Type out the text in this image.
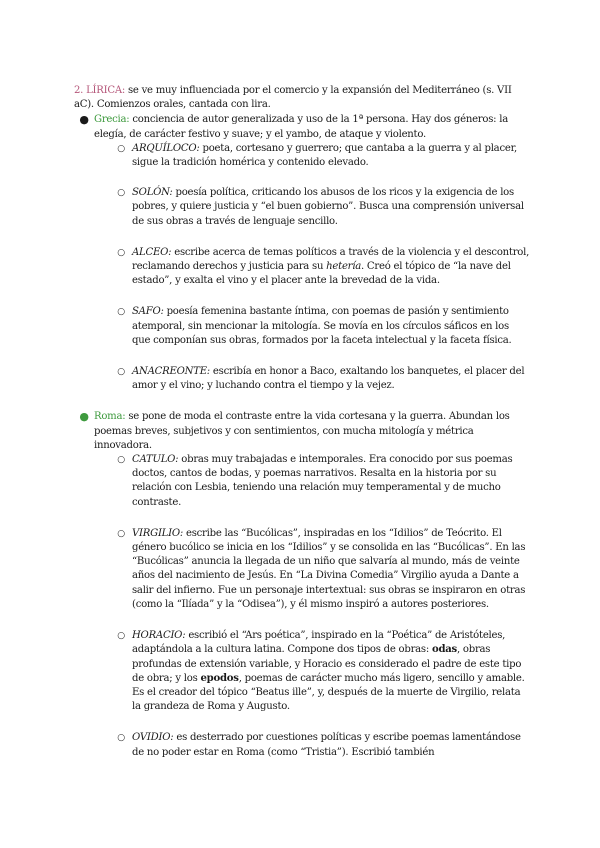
2. LÍRICA: se ve muy influenciada por el comercio y la expansión del Mediterráneo (s. VII aC). Comienzos orales, cantada con lira.

● Grecia: conciencia de autor generalizada y uso de la 1ª persona. Hay dos géneros: la elegía, de carácter festivo y suave; y el yambo, de ataque y violento.
○ ARQUÍLOCO: poeta, cortesano y guerrero; que cantaba a la guerra y al placer, sigue la tradición homérica y contenido elevado.
○ SOLÓN: poesía política, criticando los abusos de los ricos y la exigencia de los pobres, y quiere justicia y “el buen gobierno”. Busca una comprensión universal de sus obras a través de lenguaje sencillo.
○ ALCEO: escribe acerca de temas políticos a través de la violencia y el descontrol, reclamando derechos y justicia para su hetería. Creó el tópico de “la nave del estado”, y exalta el vino y el placer ante la brevedad de la vida.
○ SAFO: poesía femenina bastante íntima, con poemas de pasión y sentimiento atemporal, sin mencionar la mitología. Se movía en los círculos sáficos en los que componían sus obras, formados por la faceta intelectual y la faceta física.
○ ANACREONTE: escribía en honor a Baco, exaltando los banquetes, el placer del amor y el vino; y luchando contra el tiempo y la vejez.
● Roma: se pone de moda el contraste entre la vida cortesana y la guerra. Abundan los poemas breves, subjetivos y con sentimientos, con mucha mitología y métrica innovadora.
○ CATULO: obras muy trabajadas e intemporales. Era conocido por sus poemas doctos, cantos de bodas, y poemas narrativos. Resalta en la historia por su relación con Lesbia, teniendo una relación muy temperamental y de mucho contraste.
○ VIRGILIO: escribe las “Bucólicas”, inspiradas en los “Idilios” de Teócrito. El género bucólico se inicia en los “Idilios” y se consolida en las “Bucólicas”. En las “Bucólicas” anuncia la llegada de un niño que salvaría al mundo, más de veinte años del nacimiento de Jesús. En “La Divina Comedia” Virgilio ayuda a Dante a salir del infierno. Fue un personaje intertextual: sus obras se inspiraron en otras (como la “Ilíada” y la “Odisea”), y él mismo inspiró a autores posteriores.
○ HORACIO: escribió el “Ars poética”, inspirado en la “Poética” de Aristóteles, adaptándola a la cultura latina. Compone dos tipos de obras: odas, obras profundas de extensión variable, y Horacio es considerado el padre de este tipo de obra; y los epodos, poemas de carácter mucho más ligero, sencillo y amable. Es el creador del tópico “Beatus ille”, y, después de la muerte de Virgilio, relata la grandeza de Roma y Augusto.
○ OVIDIO: es desterrado por cuestiones políticas y escribe poemas lamentándose de no poder estar en Roma (como “Tristia”). Escribió también
